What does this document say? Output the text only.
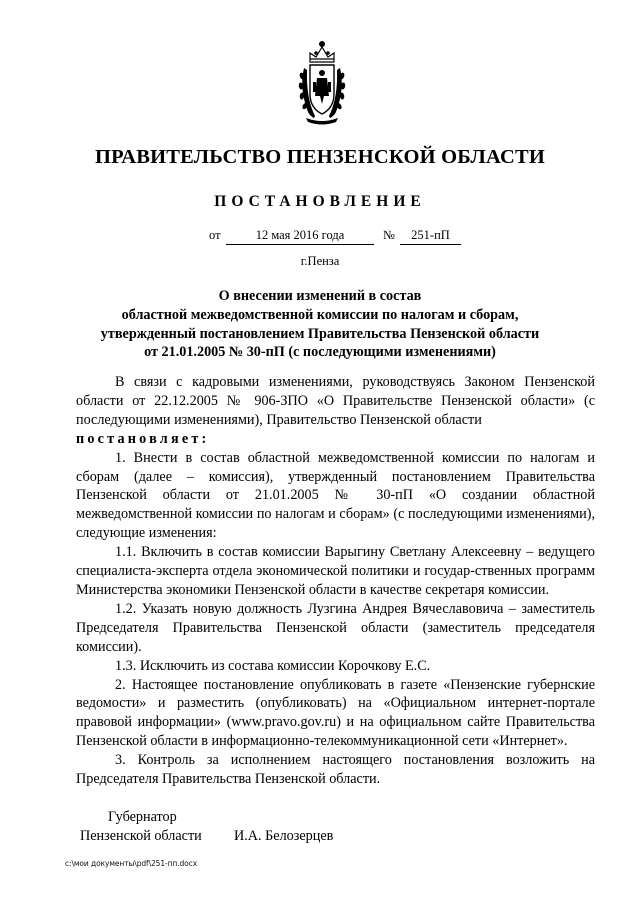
ПРАВИТЕЛЬСТВО ПЕНЗЕНСКОЙ ОБЛАСТИ
ПОСТАНОВЛЕНИЕ
от	12 мая 2016 года	№	251-пП
г.Пенза
О внесении изменений в состав
областной межведомственной комиссии по налогам и сборам,
утвержденный постановлением Правительства Пензенской области
от 21.01.2005 № 30-пП (с последующими изменениями)

В связи с кадровыми изменениями, руководствуясь Законом Пензенской области от 22.12.2005 № 906-ЗПО «О Правительстве Пензенской области» (с последующими изменениями), Правительство Пензенской области

постановляет:

1. Внести в состав областной межведомственной комиссии по налогам и сборам (далее – комиссия), утвержденный постановлением Правительства Пензенской области от 21.01.2005 № 30-пП «О создании областной межведомственной комиссии по налогам и сборам» (с последующими изменениями), следующие изменения:

1.1. Включить в состав комиссии Варыгину Светлану Алексеевну – ведущего специалиста-эксперта отдела экономической политики и государ-ственных программ Министерства экономики Пензенской области в качестве секретаря комиссии.

1.2. Указать новую должность Лузгина Андрея Вячеславовича – заместитель Председателя Правительства Пензенской области (заместитель председателя комиссии).

1.3. Исключить из состава комиссии Корочкову Е.С.

2. Настоящее постановление опубликовать в газете «Пензенские губернские ведомости» и разместить (опубликовать) на «Официальном интернет-портале правовой информации» (www.pravo.gov.ru) и на официальном сайте Правительства Пензенской области в информационно-телекоммуникационной сети «Интернет».

3. Контроль за исполнением настоящего постановления возложить на Председателя Правительства Пензенской области.

Губернатор
Пензенской области И.А. Белозерцев
c:\мои документы\pdf\251-пп.docx
